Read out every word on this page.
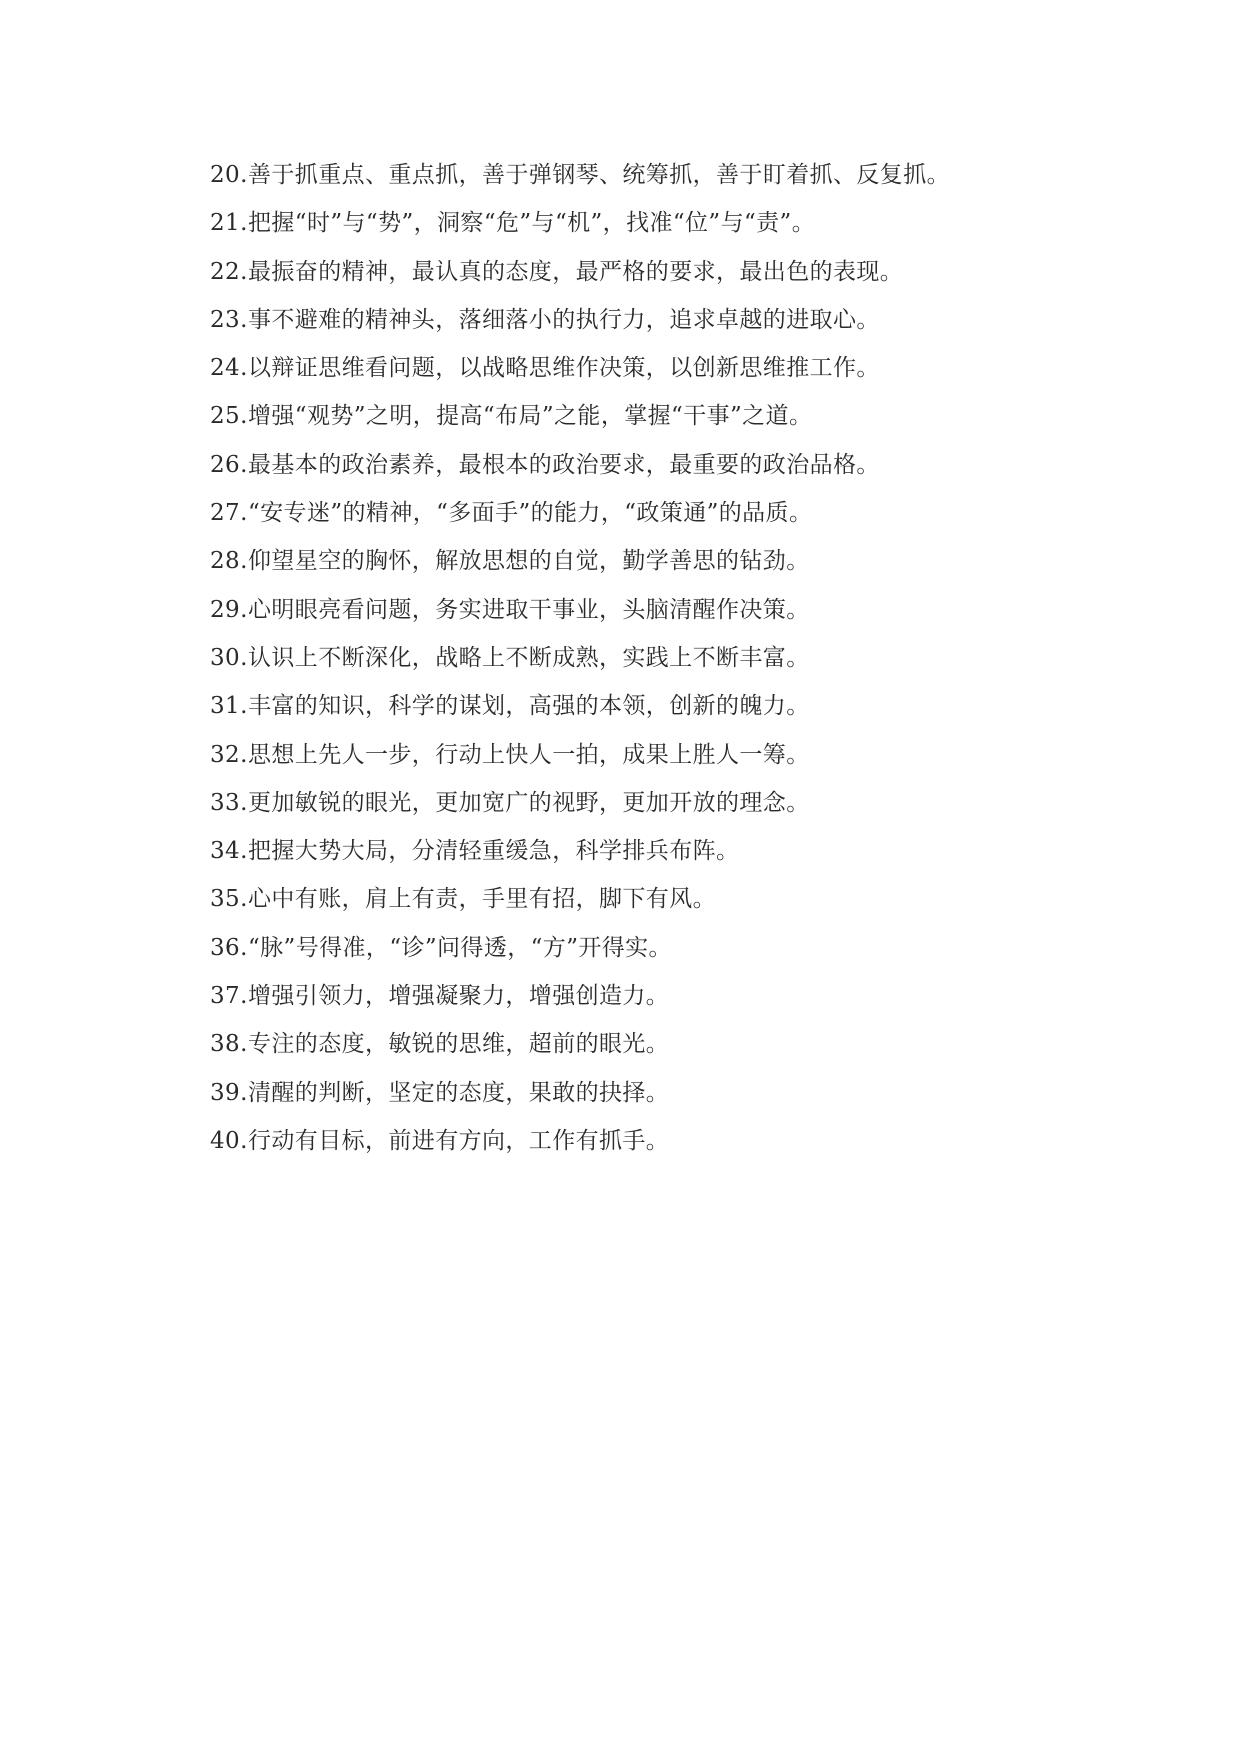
20. 善于抓重点、重点抓，善于弹钢琴、统筹抓，善于盯着抓、反复抓。
21. 把握“时”与“势”，洞察“危”与“机”，找准“位”与“责”。
22. 最振奋的精神，最认真的态度，最严格的要求，最出色的表现。
23. 事不避难的精神头，落细落小的执行力，追求卓越的进取心。
24. 以辩证思维看问题，以战略思维作决策，以创新思维推工作。
25. 增强“观势”之明，提高“布局”之能，掌握“干事”之道。
26. 最基本的政治素养，最根本的政治要求，最重要的政治品格。
27. “安专迷”的精神，“多面手”的能力，“政策通”的品质。
28. 仰望星空的胸怀，解放思想的自觉，勤学善思的钻劲。
29. 心明眼亮看问题，务实进取干事业，头脑清醒作决策。
30. 认识上不断深化，战略上不断成熟，实践上不断丰富。
31. 丰富的知识，科学的谋划，高强的本领，创新的魄力。
32. 思想上先人一步，行动上快人一拍，成果上胜人一筹。
33. 更加敏锐的眼光，更加宽广的视野，更加开放的理念。
34. 把握大势大局，分清轻重缓急，科学排兵布阵。
35. 心中有账，肩上有责，手里有招，脚下有风。
36. “脉”号得准，“诊”问得透，“方”开得实。
37. 增强引领力，增强凝聚力，增强创造力。
38. 专注的态度，敏锐的思维，超前的眼光。
39. 清醒的判断，坚定的态度，果敢的抉择。
40. 行动有目标，前进有方向，工作有抓手。
